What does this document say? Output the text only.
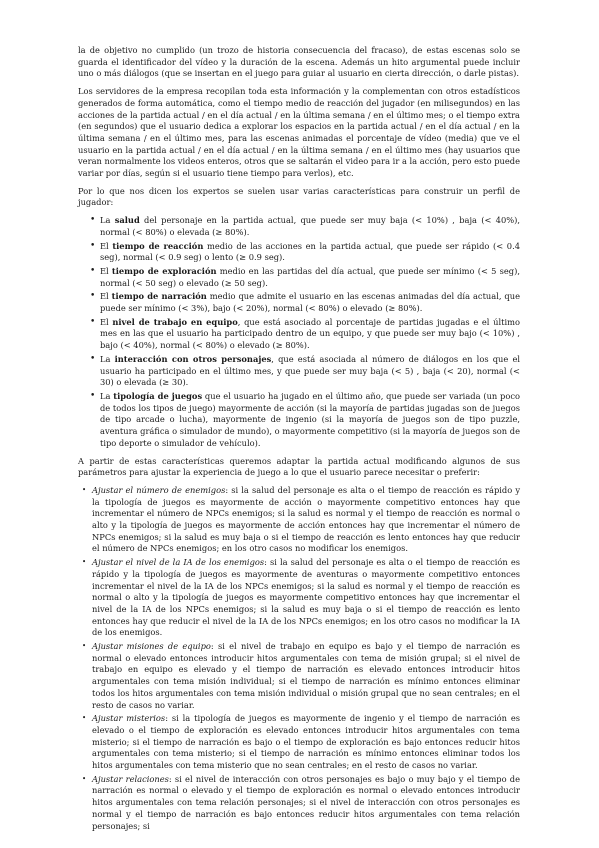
la de objetivo no cumplido (un trozo de historia consecuencia del fracaso), de estas escenas solo se guarda el identificador del vídeo y la duración de la escena. Además un hito argumental puede incluir uno o más diálogos (que se insertan en el juego para guiar al usuario en cierta dirección, o darle pistas).

Los servidores de la empresa recopilan toda esta información y la complementan con otros estadísticos generados de forma automática, como el tiempo medio de reacción del jugador (en milisegundos) en las acciones de la partida actual / en el día actual / en la última semana / en el último mes; o el tiempo extra (en segundos) que el usuario dedica a explorar los espacios en la partida actual / en el día actual / en la última semana / en el último mes, para las escenas animadas el porcentaje de vídeo (media) que ve el usuario en la partida actual / en el día actual / en la última semana / en el último mes (hay usuarios que veran normalmente los videos enteros, otros que se saltarán el video para ir a la acción, pero esto puede variar por días, según si el usuario tiene tiempo para verlos), etc.

Por lo que nos dicen los expertos se suelen usar varias características para construir un perfil de jugador:

• La salud del personaje en la partida actual, que puede ser muy baja (< 10%) , baja (< 40%), normal (< 80%) o elevada (≥ 80%).
• El tiempo de reacción medio de las acciones en la partida actual, que puede ser rápido (< 0.4 seg), normal (< 0.9 seg) o lento (≥ 0.9 seg).
• El tiempo de exploración medio en las partidas del día actual, que puede ser mínimo (< 5 seg), normal (< 50 seg) o elevado (≥ 50 seg).
• El tiempo de narración medio que admite el usuario en las escenas animadas del día actual, que puede ser mínimo (< 3%), bajo (< 20%), normal (< 80%) o elevado (≥ 80%).
• El nivel de trabajo en equipo, que está asociado al porcentaje de partidas jugadas e el último mes en las que el usuario ha participado dentro de un equipo, y que puede ser muy bajo (< 10%) , bajo (< 40%), normal (< 80%) o elevado (≥ 80%).
• La interacción con otros personajes, que está asociada al número de diálogos en los que el usuario ha participado en el último mes, y que puede ser muy baja (< 5) , baja (< 20), normal (< 30) o elevada (≥ 30).
• La tipología de juegos que el usuario ha jugado en el último año, que puede ser variada (un poco de todos los tipos de juego) mayormente de acción (si la mayoría de partidas jugadas son de juegos de tipo arcade o lucha), mayormente de ingenio (si la mayoría de juegos son de tipo puzzle, aventura gráfica o simulador de mundo), o mayormente competitivo (si la mayoría de juegos son de tipo deporte o simulador de vehículo).

A partir de estas características queremos adaptar la partida actual modificando algunos de sus parámetros para ajustar la experiencia de juego a lo que el usuario parece necesitar o preferir:

• Ajustar el número de enemigos: si la salud del personaje es alta o el tiempo de reacción es rápido y la tipología de juegos es mayormente de acción o mayormente competitivo entonces hay que incrementar el número de NPCs enemigos; si la salud es normal y el tiempo de reacción es normal o alto y la tipología de juegos es mayormente de acción entonces hay que incrementar el número de NPCs enemigos; si la salud es muy baja o si el tiempo de reacción es lento entonces hay que reducir el número de NPCs enemigos; en los otro casos no modificar los enemigos.
• Ajustar el nivel de la IA de los enemigos: si la salud del personaje es alta o el tiempo de reacción es rápido y la tipología de juegos es mayormente de aventuras o mayormente competitivo entonces incrementar el nivel de la IA de los NPCs enemigos; si la salud es normal y el tiempo de reacción es normal o alto y la tipología de juegos es mayormente competitivo entonces hay que incrementar el nivel de la IA de los NPCs enemigos; si la salud es muy baja o si el tiempo de reacción es lento entonces hay que reducir el nivel de la IA de los NPCs enemigos; en los otro casos no modificar la IA de los enemigos.
• Ajustar misiones de equipo: si el nivel de trabajo en equipo es bajo y el tiempo de narración es normal o elevado entonces introducir hitos argumentales con tema de misión grupal; si el nivel de trabajo en equipo es elevado y el tiempo de narración es elevado entonces introducir hitos argumentales con tema misión individual; si el tiempo de narración es mínimo entonces eliminar todos los hitos argumentales con tema misión individual o misión grupal que no sean centrales; en el resto de casos no variar.
• Ajustar misterios: si la tipología de juegos es mayormente de ingenio y el tiempo de narración es elevado o el tiempo de exploración es elevado entonces introducir hitos argumentales con tema misterio; si el tiempo de narración es bajo o el tiempo de exploración es bajo entonces reducir hitos argumentales con tema misterio; si el tiempo de narración es mínimo entonces eliminar todos los hitos argumentales con tema misterio que no sean centrales; en el resto de casos no variar.
• Ajustar relaciones: si el nivel de interacción con otros personajes es bajo o muy bajo y el tiempo de narración es normal o elevado y el tiempo de exploración es normal o elevado entonces introducir hitos argumentales con tema relación personajes; si el nivel de interacción con otros personajes es normal y el tiempo de narración es bajo entonces reducir hitos argumentales con tema relación personajes; si
